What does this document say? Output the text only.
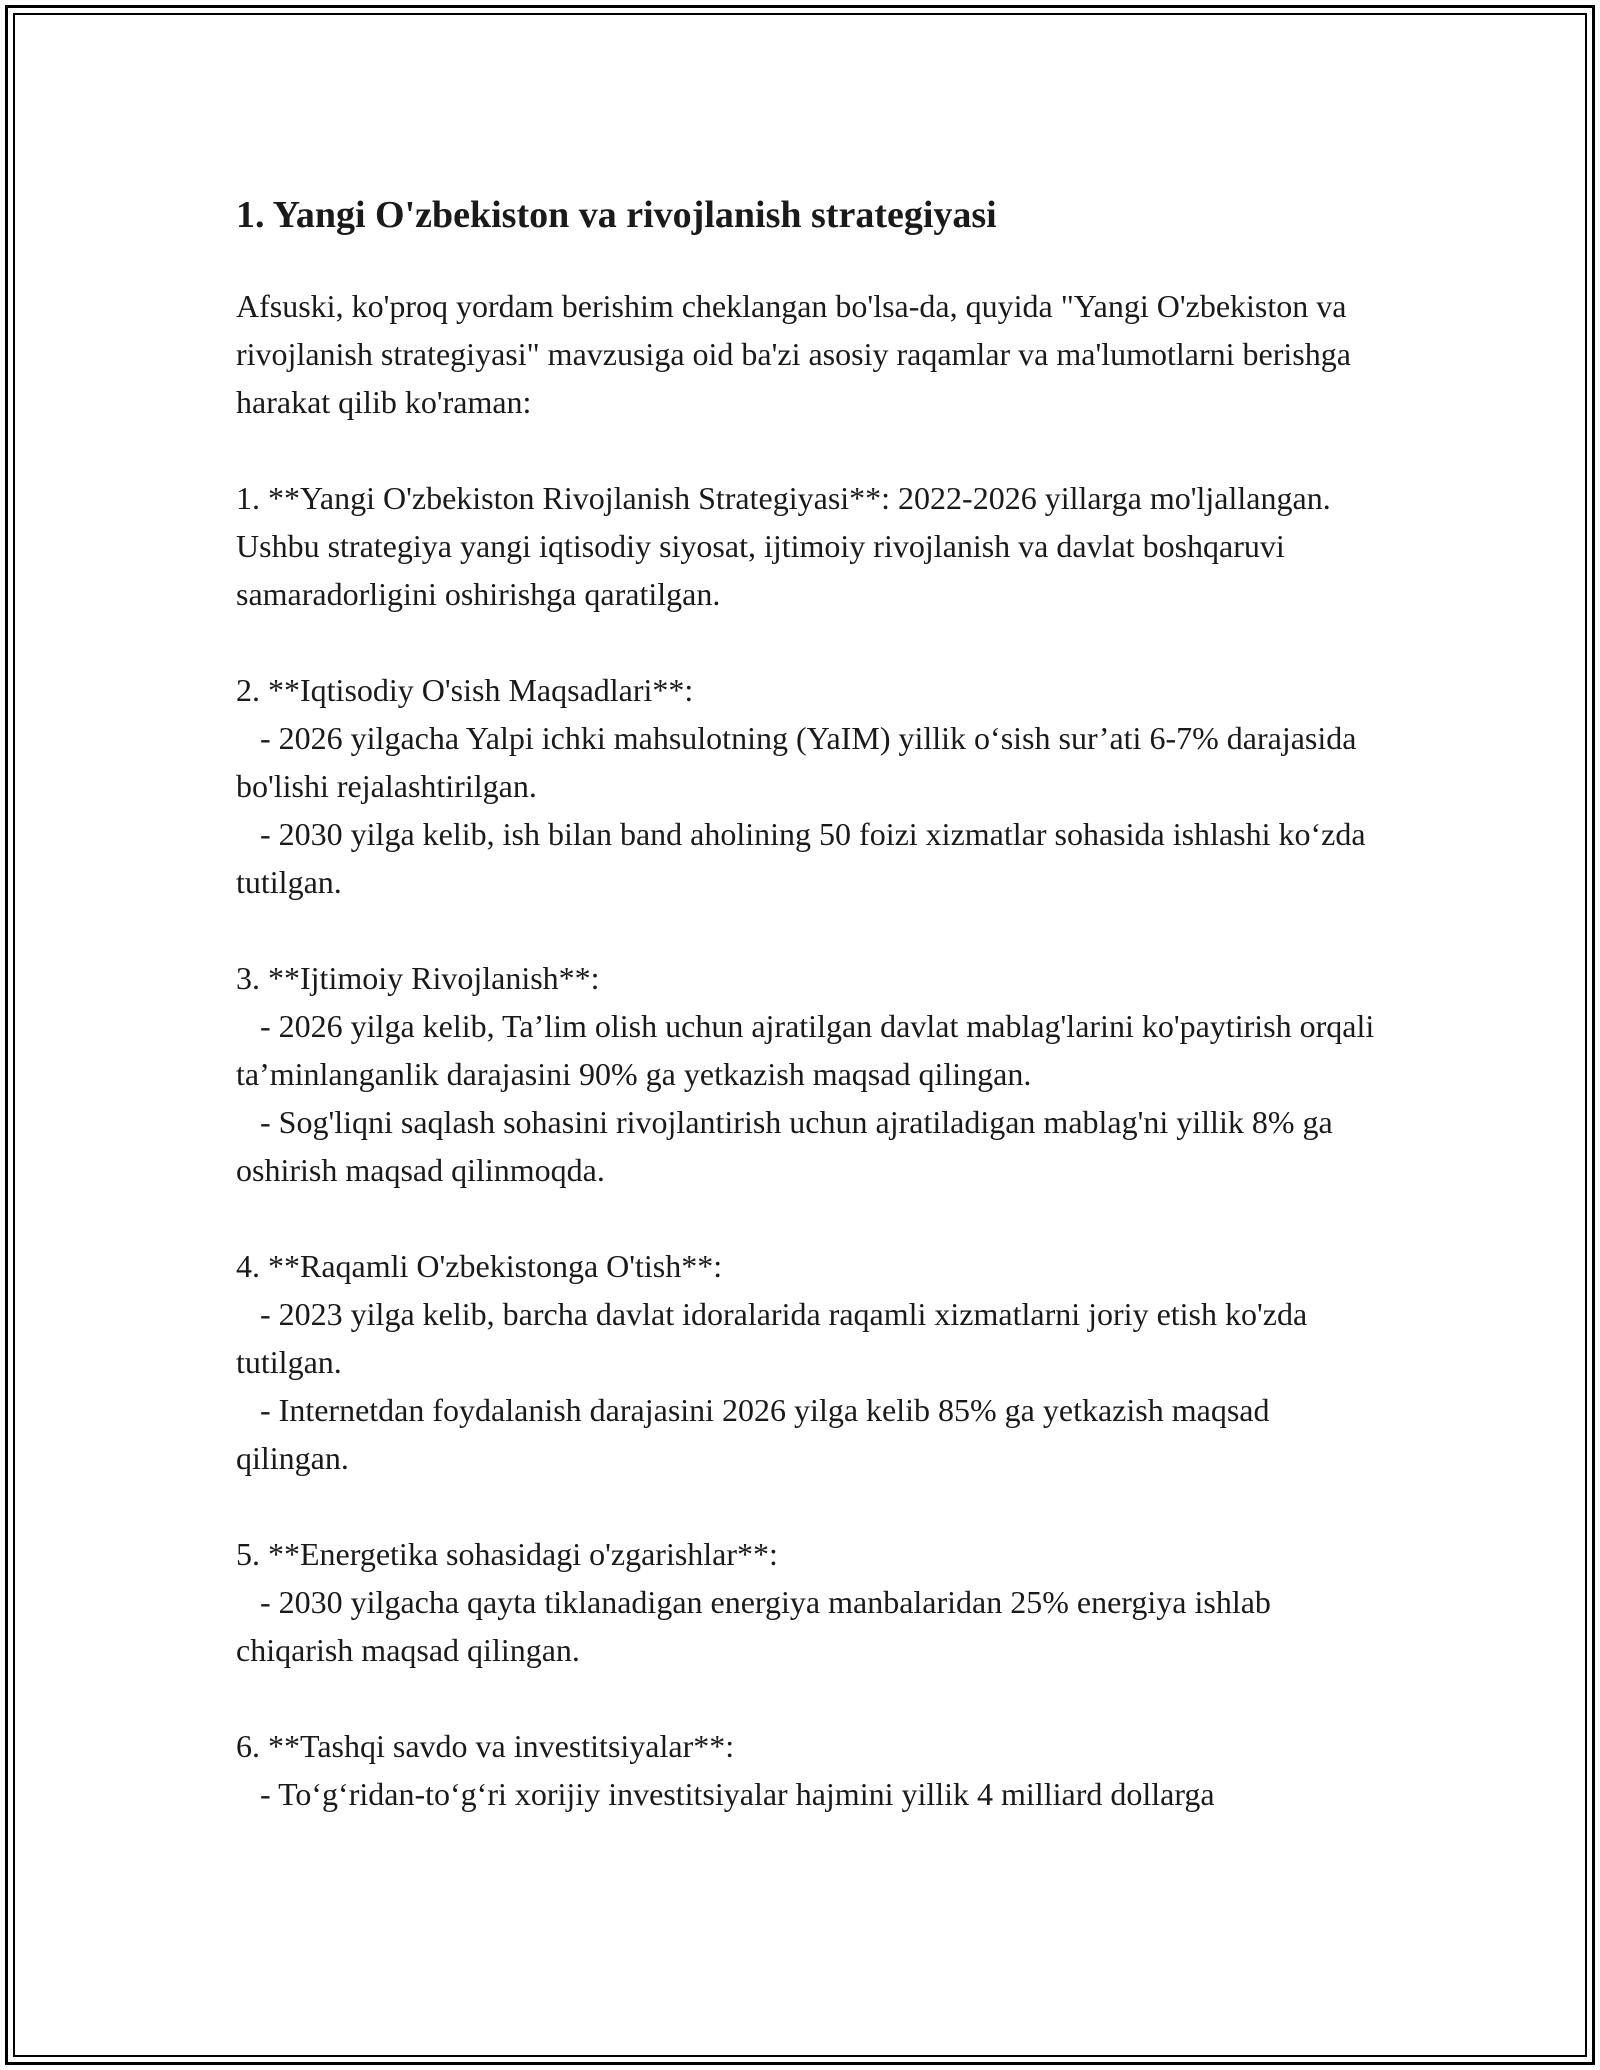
1. Yangi O'zbekiston va rivojlanish strategiyasi

Afsuski, ko'proq yordam berishim cheklangan bo'lsa-da, quyida "Yangi O'zbekiston va rivojlanish strategiyasi" mavzusiga oid ba'zi asosiy raqamlar va ma'lumotlarni berishga harakat qilib ko'raman:

1. **Yangi O'zbekiston Rivojlanish Strategiyasi**: 2022-2026 yillarga mo'ljallangan. Ushbu strategiya yangi iqtisodiy siyosat, ijtimoiy rivojlanish va davlat boshqaruvi samaradorligini oshirishga qaratilgan.

2. **Iqtisodiy O'sish Maqsadlari**:
- 2026 yilgacha Yalpi ichki mahsulotning (YaIM) yillik o‘sish sur’ati 6-7% darajasida bo'lishi rejalashtirilgan.
- 2030 yilga kelib, ish bilan band aholining 50 foizi xizmatlar sohasida ishlashi ko‘zda tutilgan.

3. **Ijtimoiy Rivojlanish**:
- 2026 yilga kelib, Ta’lim olish uchun ajratilgan davlat mablag'larini ko'paytirish orqali ta’minlanganlik darajasini 90% ga yetkazish maqsad qilingan.
- Sog'liqni saqlash sohasini rivojlantirish uchun ajratiladigan mablag'ni yillik 8% ga oshirish maqsad qilinmoqda.

4. **Raqamli O'zbekistonga O'tish**:
- 2023 yilga kelib, barcha davlat idoralarida raqamli xizmatlarni joriy etish ko'zda tutilgan.
- Internetdan foydalanish darajasini 2026 yilga kelib 85% ga yetkazish maqsad qilingan.

5. **Energetika sohasidagi o'zgarishlar**:
- 2030 yilgacha qayta tiklanadigan energiya manbalaridan 25% energiya ishlab chiqarish maqsad qilingan.

6. **Tashqi savdo va investitsiyalar**:
- To‘g‘ridan-to‘g‘ri xorijiy investitsiyalar hajmini yillik 4 milliard dollarga
